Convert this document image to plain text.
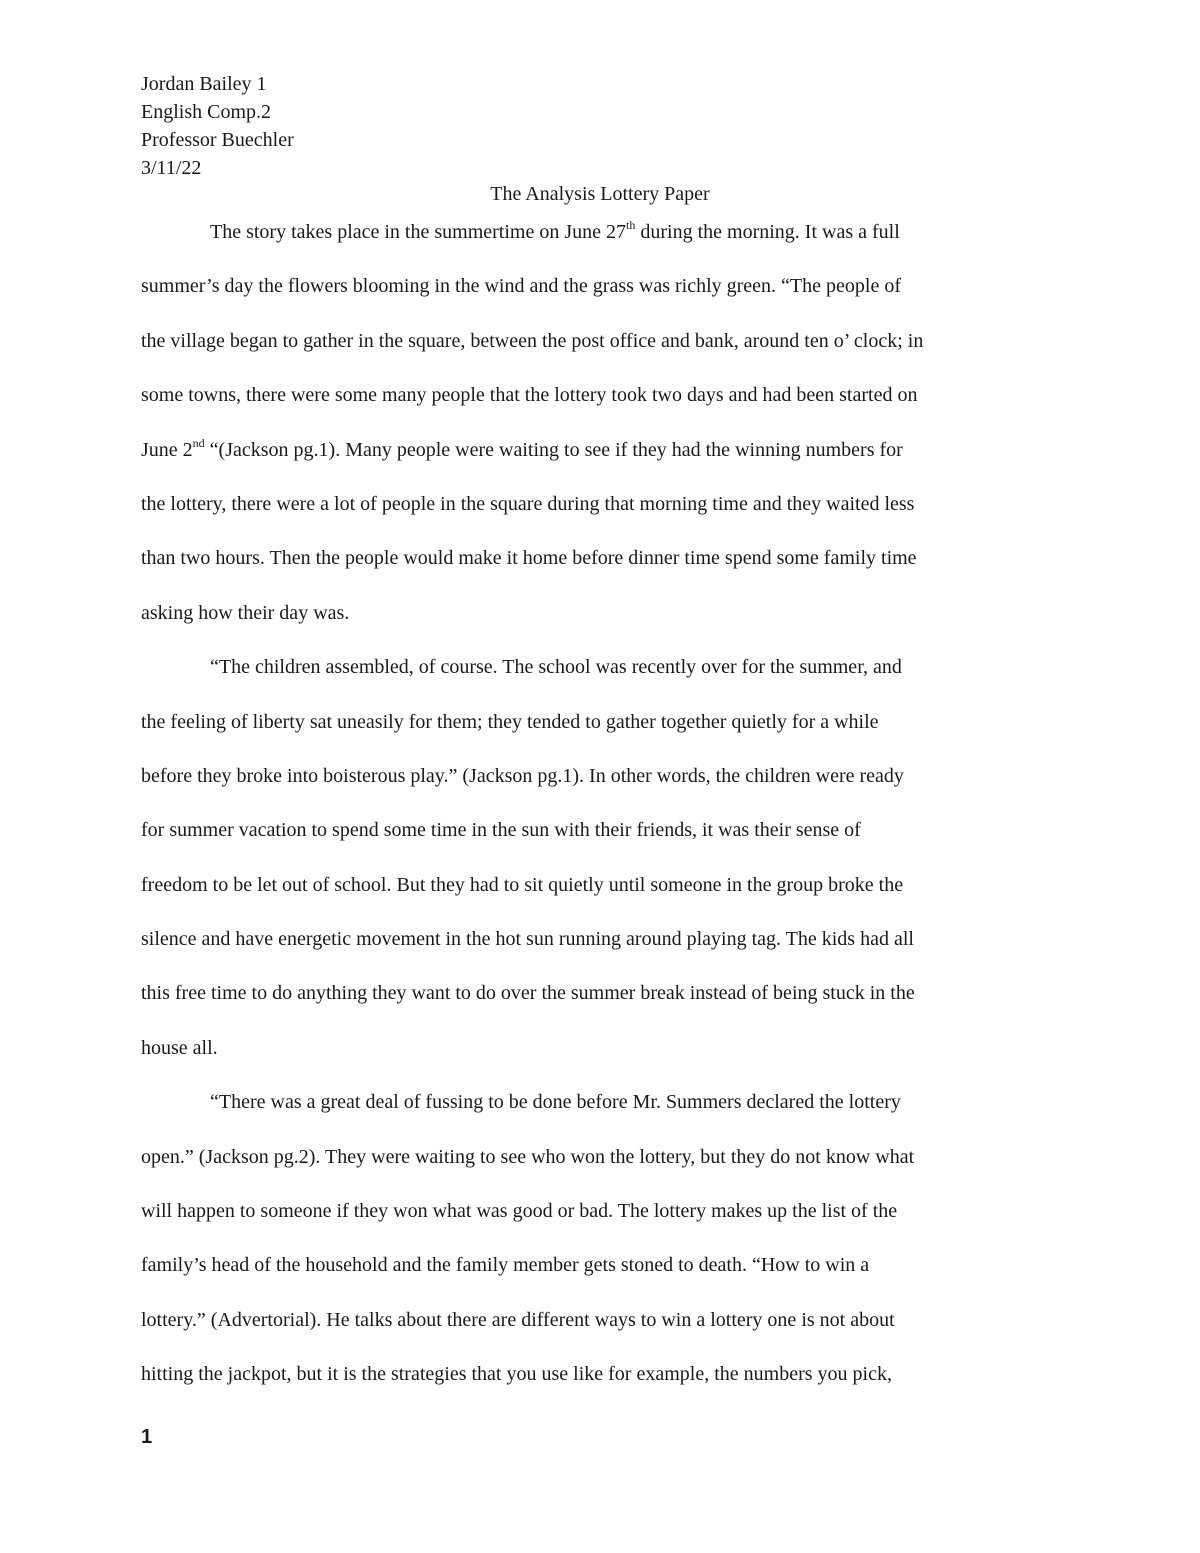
Jordan Bailey 1
English Comp.2
Professor Buechler
3/11/22
The Analysis Lottery Paper
The story takes place in the summertime on June 27th during the morning. It was a full
summer’s day the flowers blooming in the wind and the grass was richly green. “The people of
the village began to gather in the square, between the post office and bank, around ten o’ clock; in
some towns, there were some many people that the lottery took two days and had been started on
June 2nd “(Jackson pg.1). Many people were waiting to see if they had the winning numbers for
the lottery, there were a lot of people in the square during that morning time and they waited less
than two hours. Then the people would make it home before dinner time spend some family time
asking how their day was.
“The children assembled, of course. The school was recently over for the summer, and
the feeling of liberty sat uneasily for them; they tended to gather together quietly for a while
before they broke into boisterous play.” (Jackson pg.1). In other words, the children were ready
for summer vacation to spend some time in the sun with their friends, it was their sense of
freedom to be let out of school. But they had to sit quietly until someone in the group broke the
silence and have energetic movement in the hot sun running around playing tag. The kids had all
this free time to do anything they want to do over the summer break instead of being stuck in the
house all.
“There was a great deal of fussing to be done before Mr. Summers declared the lottery
open.” (Jackson pg.2). They were waiting to see who won the lottery, but they do not know what
will happen to someone if they won what was good or bad. The lottery makes up the list of the
family’s head of the household and the family member gets stoned to death. “How to win a
lottery.” (Advertorial). He talks about there are different ways to win a lottery one is not about
hitting the jackpot, but it is the strategies that you use like for example, the numbers you pick,
1
